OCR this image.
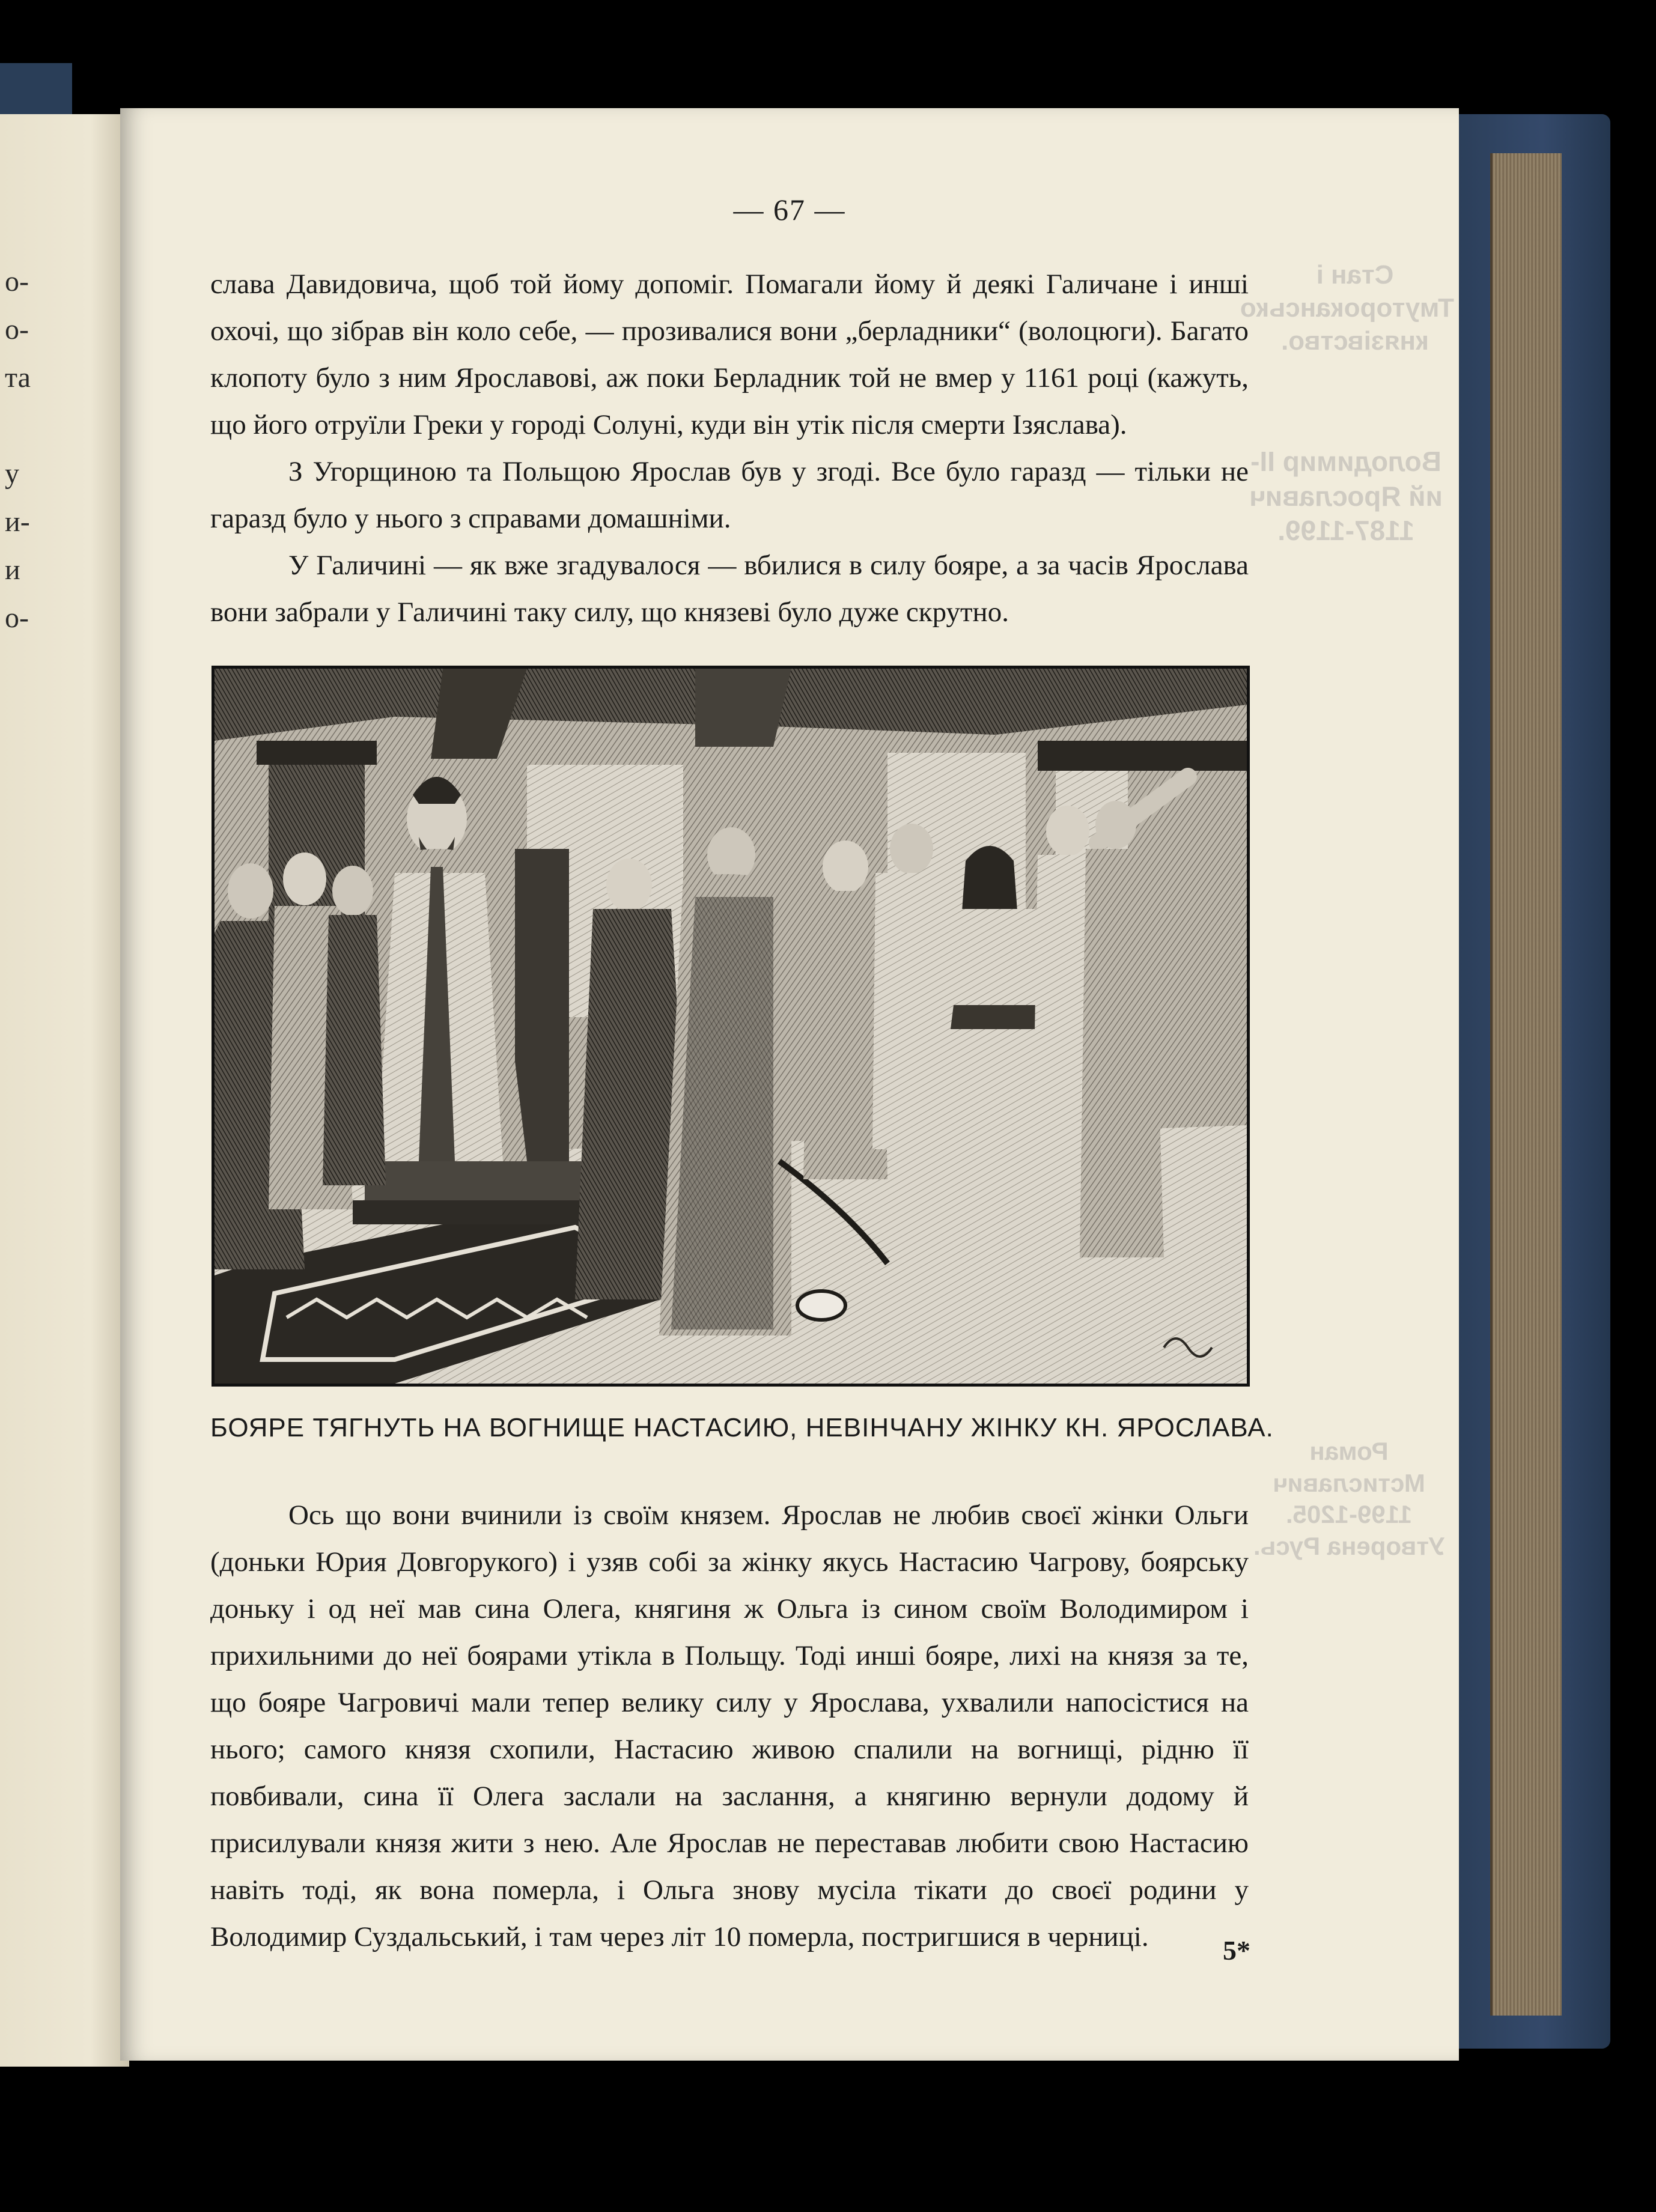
о-
о-
та
у
и-
и
о-
Стан і Тмуторокансько князівство.
Володимир ІІ-ий Ярославич 1187-1199.
Роман Мстиславич 1199-1205. Утворена Русь.
— 67 —

слава Давидовича, щоб той йому допоміг. Помагали йому й деякі Галичане і инші охочі, що зібрав він коло себе, — прозивалися вони „берладники“ (волоцюги). Багато клопоту було з ним Ярославові, аж поки Берладник той не вмер у 1161 році (кажуть, що його отруїли Греки у городі Солуні, куди він утік після смерти Ізяслава).

З Угорщиною та Польщою Ярослав був у згоді. Все було гаразд — тільки не гаразд було у нього з справами домашніми.

У Галичині — як вже згадувалося — вбилися в силу бояре, а за часів Ярослава вони забрали у Галичині таку силу, що князеві було дуже скрутно.

БОЯРЕ ТЯГНУТЬ НА ВОГНИЩЕ НАСТАСИЮ, НЕВІНЧАНУ ЖІНКУ КН. ЯРОСЛАВА.

Ось що вони вчинили із своїм князем. Ярослав не любив своєї жінки Ольги (доньки Юрия Довгорукого) і узяв собі за жінку якусь Настасию Чагрову, боярську доньку і од неї мав сина Олега, княгиня ж Ольга із сином своїм Володимиром і прихильними до неї боярами утікла в Польщу. Тоді инші бояре, лихі на князя за те, що бояре Чагровичі мали тепер велику силу у Ярослава, ухвалили напосістися на нього; самого князя схопили, Настасию живою спалили на вогнищі, рідню її повбивали, сина її Олега заслали на заслання, а княгиню вернули додому й присилували князя жити з нею. Але Ярослав не переставав любити свою Настасию навіть тоді, як вона померла, і Ольга знову мусіла тікати до своєї родини у Володимир Суздальський, і там через літ 10 померла, постригшися в черниці.	5*
